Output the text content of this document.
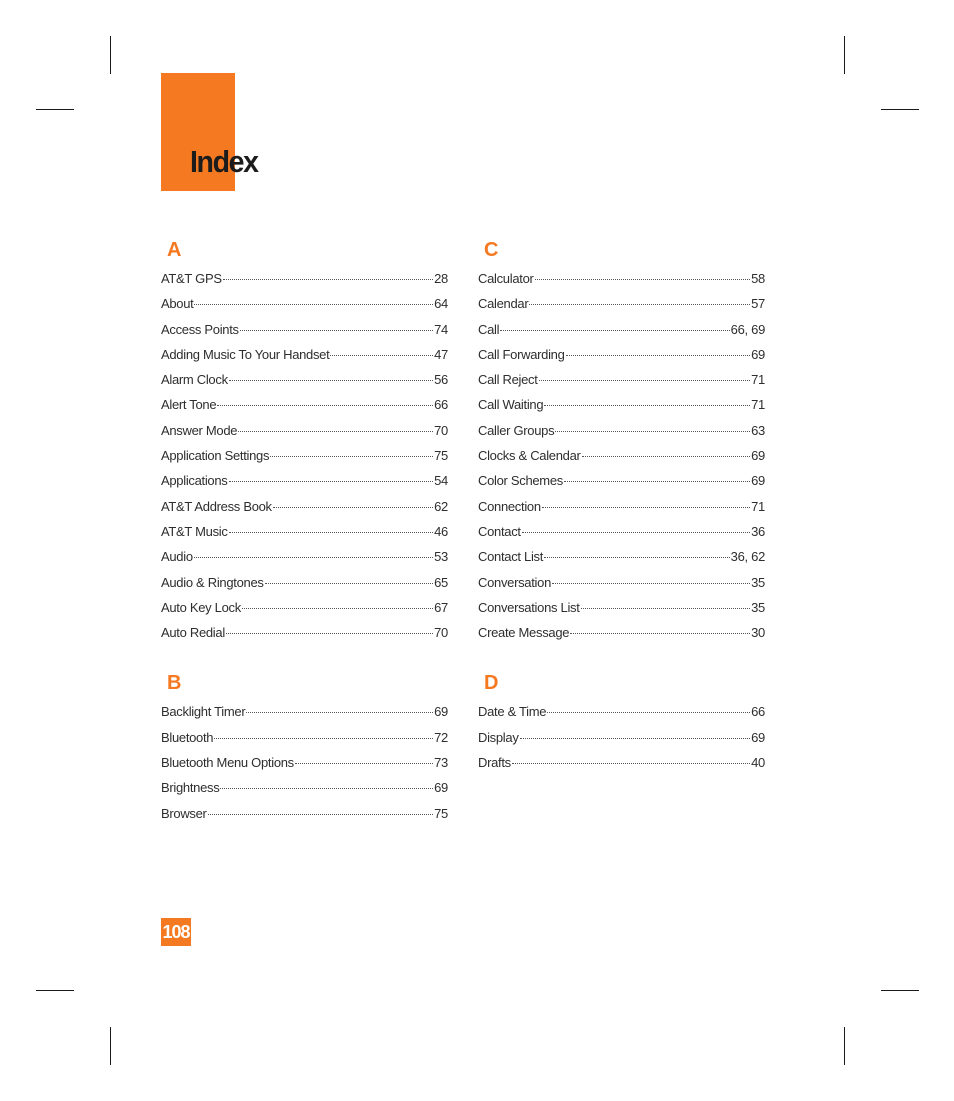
Index
A
AT&T GPS	28
About	64
Access Points	74
Adding Music To Your Handset	47
Alarm Clock	56
Alert Tone	66
Answer Mode	70
Application Settings	75
Applications	54
AT&T Address Book	62
AT&T Music	46
Audio	53
Audio & Ringtones	65
Auto Key Lock	67
Auto Redial	70
B
Backlight Timer	69
Bluetooth	72
Bluetooth Menu Options	73
Brightness	69
Browser	75
C
Calculator	58
Calendar	57
Call	66, 69
Call Forwarding	69
Call Reject	71
Call Waiting	71
Caller Groups	63
Clocks & Calendar	69
Color Schemes	69
Connection	71
Contact	36
Contact List	36, 62
Conversation	35
Conversations List	35
Create Message	30
D
Date & Time	66
Display	69
Drafts	40
108
